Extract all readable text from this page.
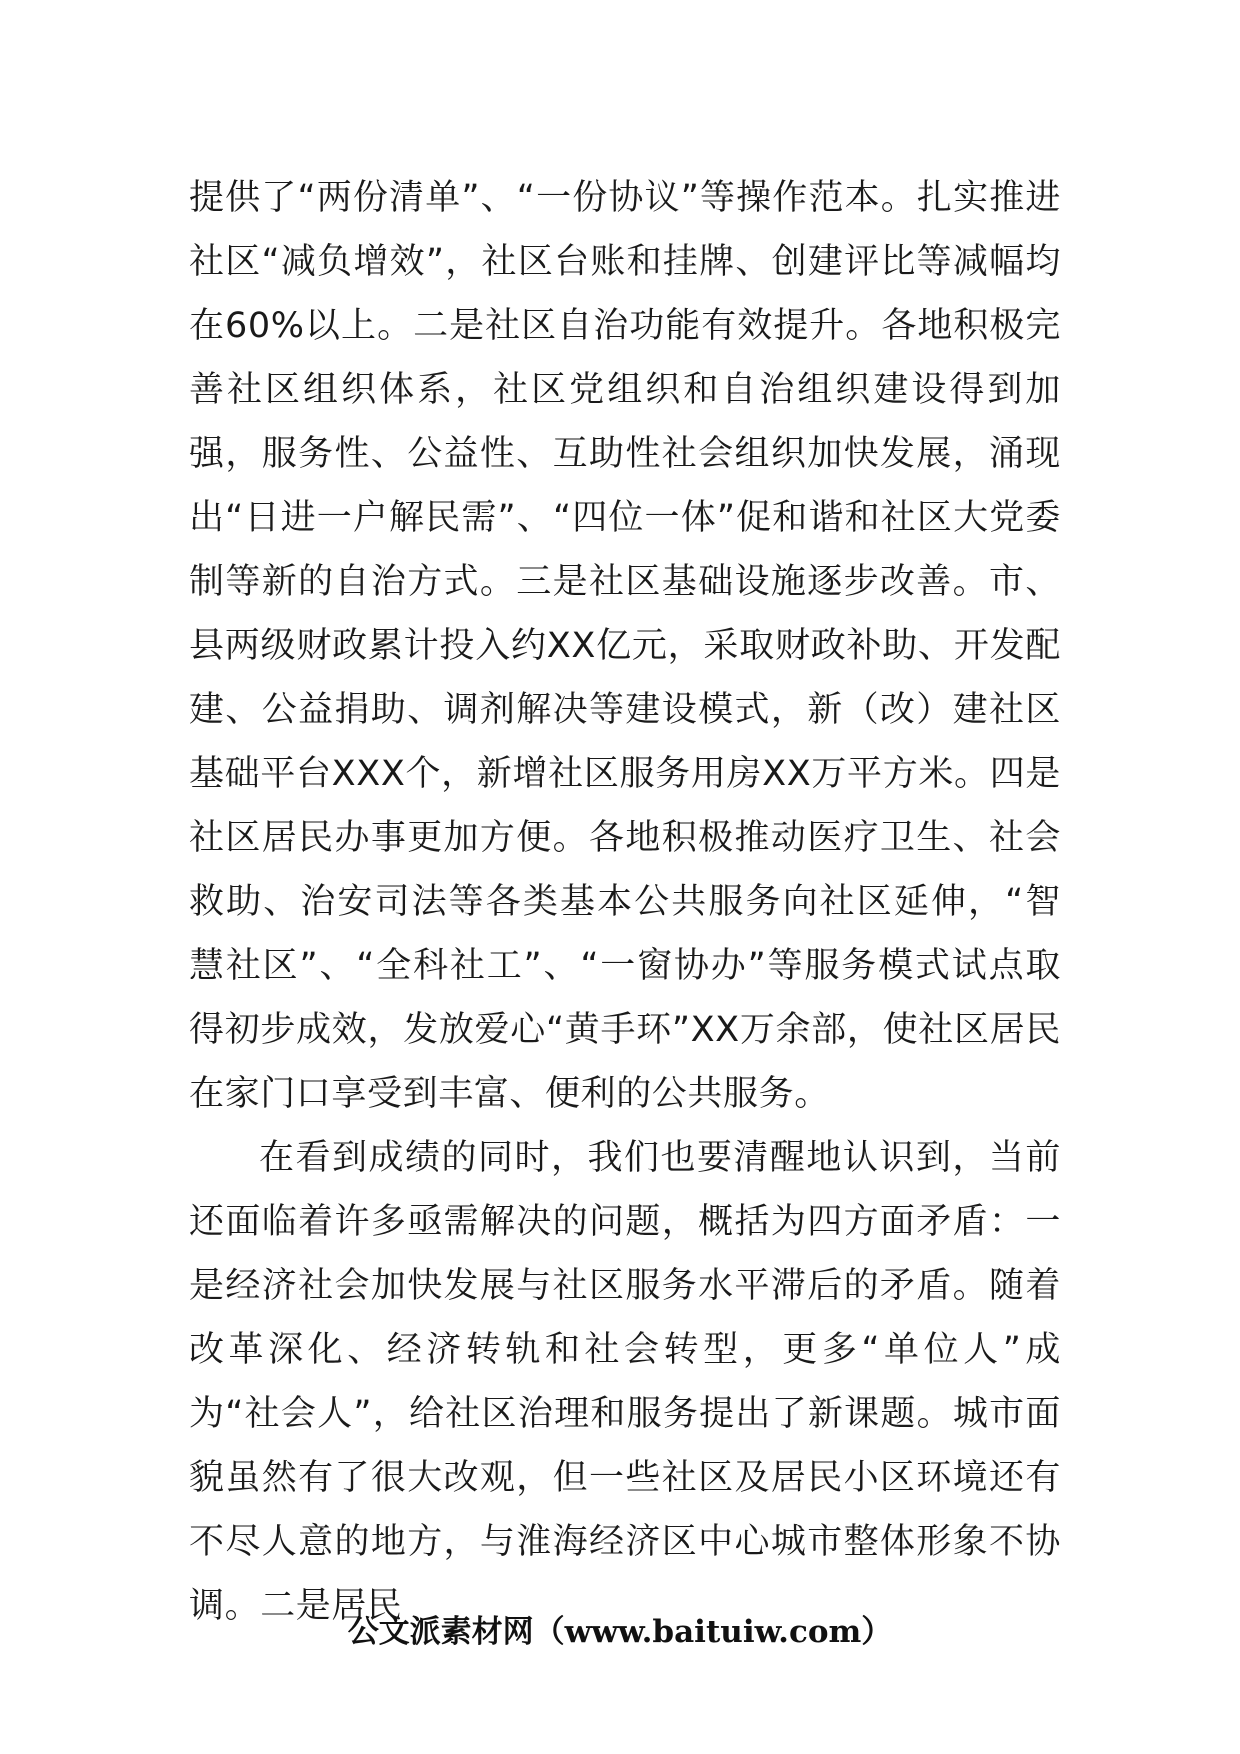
提供了“两份清单”、“一份协议”等操作范本。扎实推进社区“减负增效”，社区台账和挂牌、创建评比等减幅均在60%以上。二是社区自治功能有效提升。各地积极完善社区组织体系，社区党组织和自治组织建设得到加强，服务性、公益性、互助性社会组织加快发展，涌现出“日进一户解民需”、“四位一体”促和谐和社区大党委制等新的自治方式。三是社区基础设施逐步改善。市、县两级财政累计投入约XX亿元，采取财政补助、开发配建、公益捐助、调剂解决等建设模式，新（改）建社区基础平台XXX个，新增社区服务用房XX万平方米。四是社区居民办事更加方便。各地积极推动医疗卫生、社会救助、治安司法等各类基本公共服务向社区延伸，“智慧社区”、“全科社工”、“一窗协办”等服务模式试点取得初步成效，发放爱心“黄手环”XX万余部，使社区居民在家门口享受到丰富、便利的公共服务。

在看到成绩的同时，我们也要清醒地认识到，当前还面临着许多亟需解决的问题，概括为四方面矛盾：一是经济社会加快发展与社区服务水平滞后的矛盾。随着改革深化、经济转轨和社会转型，更多“单位人”成为“社会人”，给社区治理和服务提出了新课题。城市面貌虽然有了很大改观，但一些社区及居民小区环境还有不尽人意的地方，与淮海经济区中心城市整体形象不协调。二是居民

公文派素材网（www.baituiw.com）
